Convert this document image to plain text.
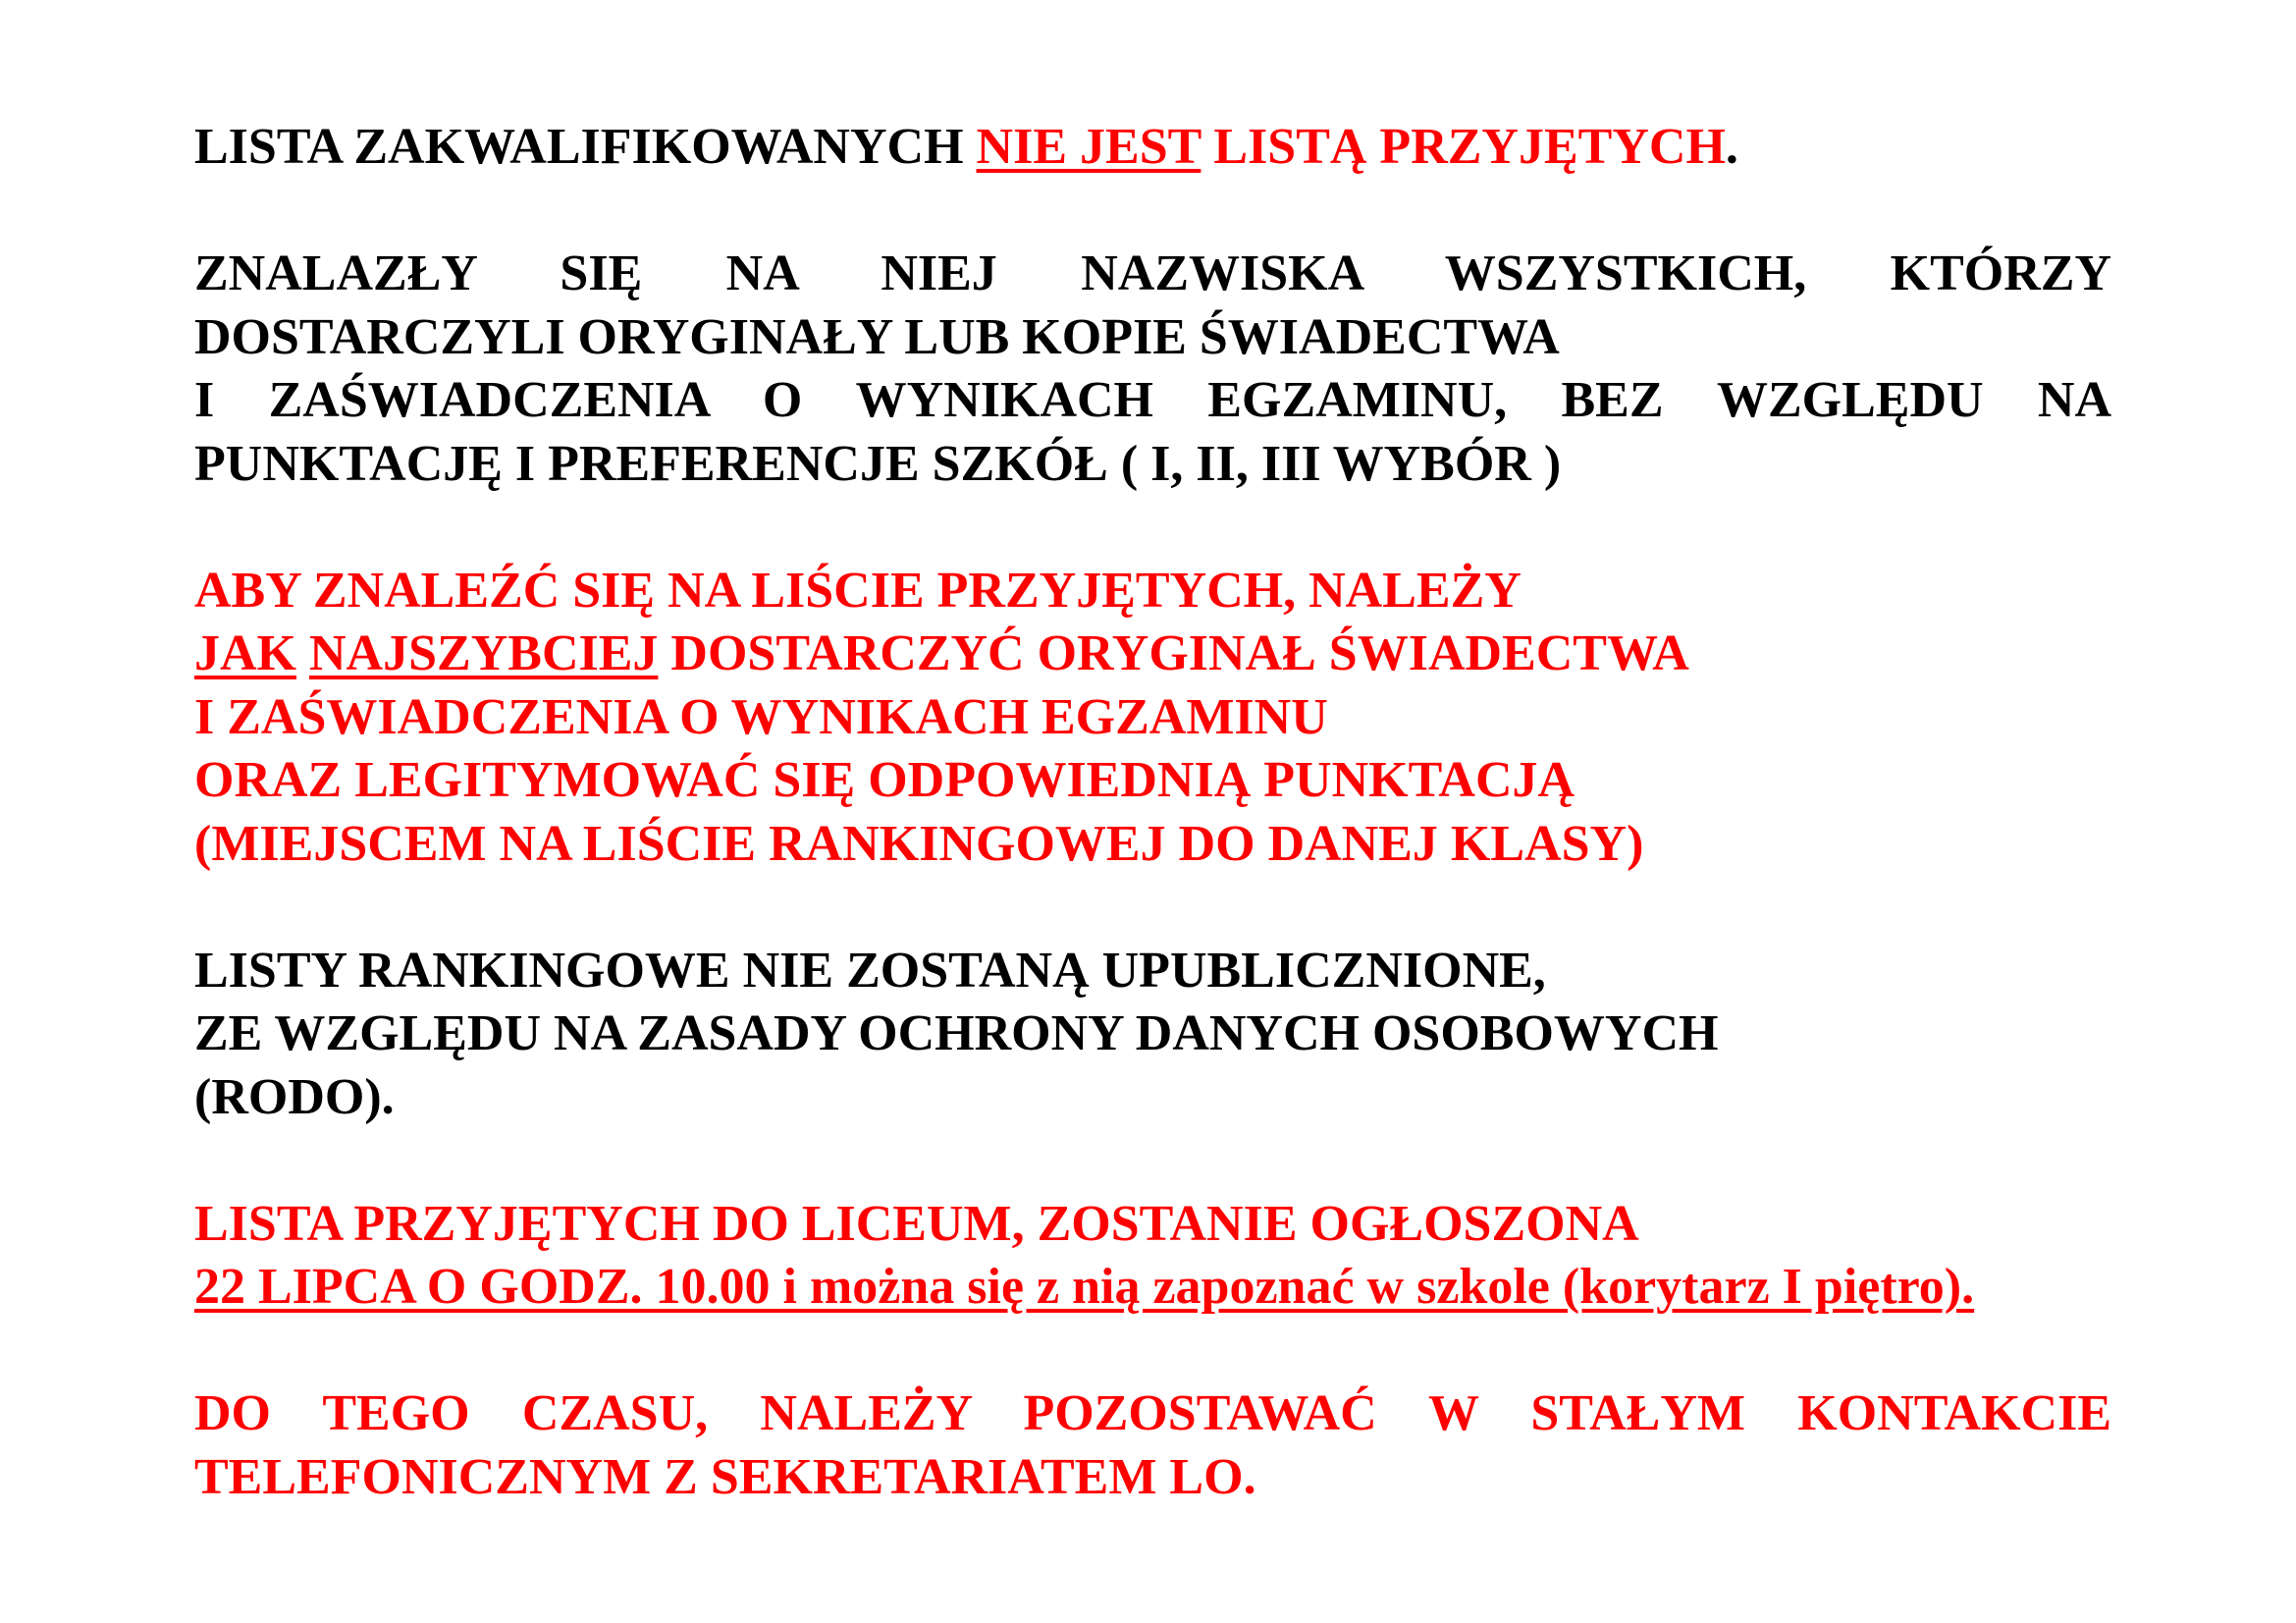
LISTA ZAKWALIFIKOWANYCH NIE JEST LISTĄ PRZYJĘTYCH.
ZNALAZŁY SIĘ NA NIEJ NAZWISKA WSZYSTKICH, KTÓRZY
DOSTARCZYLI ORYGINAŁY LUB KOPIE ŚWIADECTWA
I ZAŚWIADCZENIA O WYNIKACH EGZAMINU, BEZ WZGLĘDU NA
PUNKTACJĘ I PREFERENCJE SZKÓŁ ( I, II, III WYBÓR )
ABY ZNALEŹĆ SIĘ NA LIŚCIE PRZYJĘTYCH, NALEŻY
JAK NAJSZYBCIEJ DOSTARCZYĆ ORYGINAŁ ŚWIADECTWA
I ZAŚWIADCZENIA O WYNIKACH EGZAMINU
ORAZ LEGITYMOWAĆ SIĘ ODPOWIEDNIĄ PUNKTACJĄ
(MIEJSCEM NA LIŚCIE RANKINGOWEJ DO DANEJ KLASY)
LISTY RANKINGOWE NIE ZOSTANĄ UPUBLICZNIONE,
ZE WZGLĘDU NA ZASADY OCHRONY DANYCH OSOBOWYCH
(RODO).
LISTA PRZYJĘTYCH DO LICEUM, ZOSTANIE OGŁOSZONA
22 LIPCA O GODZ. 10.00 i można się z nią zapoznać w szkole (korytarz I piętro).
DO TEGO CZASU, NALEŻY POZOSTAWAĆ W STAŁYM KONTAKCIE
TELEFONICZNYM Z SEKRETARIATEM LO.
